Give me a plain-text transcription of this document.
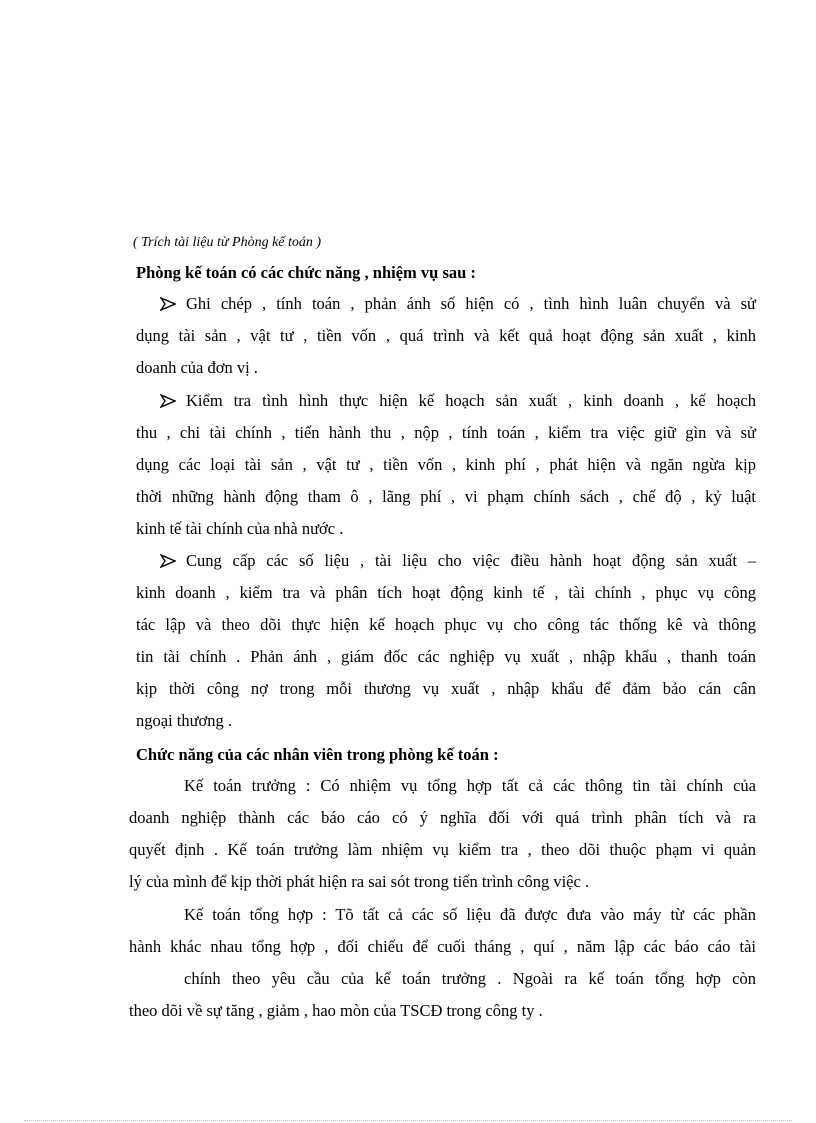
( Trích tài liệu từ Phòng kế toán )
Phòng kế toán có các chức năng , nhiệm vụ sau :
Ghi chép , tính toán , phản ánh số hiện có , tình hình luân chuyển và sử
dụng tài sản , vật tư , tiền vốn , quá trình và kết quả hoạt động sản xuất , kinh
doanh của đơn vị .
Kiểm tra tình hình thực hiện kế hoạch sản xuất , kinh doanh , kế hoạch
thu , chi tài chính , tiến hành thu , nộp , tính toán , kiểm tra việc giữ gìn và sử
dụng các loại tài sản , vật tư , tiền vốn , kinh phí , phát hiện và ngăn ngừa kịp
thời những hành động tham ô , lãng phí , vi phạm chính sách , chế độ , kỷ luật
kinh tế tài chính của nhà nước .
Cung cấp các số liệu , tài liệu cho việc điều hành hoạt động sản xuất –
kinh doanh , kiểm tra và phân tích hoạt động kinh tế , tài chính , phục vụ công
tác lập và theo dõi thực hiện kế hoạch phục vụ cho công tác thống kê và thông
tin tài chính . Phản ánh , giám đốc các nghiệp vụ xuất , nhập khẩu , thanh toán
kịp thời công nợ trong mỗi thương vụ xuất , nhập khẩu để đảm bảo cán cân
ngoại thương .
Chức năng của các nhân viên trong phòng kế toán :
Kế toán trưởng : Có nhiệm vụ tổng hợp tất cả các thông tin tài chính của
doanh nghiệp thành các báo cáo có ý nghĩa đối với quá trình phân tích và ra
quyết định . Kế toán trưởng làm nhiệm vụ kiểm tra , theo dõi thuộc phạm vi quản
lý của mình để kịp thời phát hiện ra sai sót trong tiến trình công việc .
Kế toán tổng hợp : Tõ tất cả các số liệu đã được đưa vào máy từ các phần
hành khác nhau tổng hợp , đối chiếu để cuối tháng , quí , năm lập các báo cáo tài
chính theo yêu cầu của kế toán trưởng . Ngoài ra kế toán tổng hợp còn
theo dõi về sự tăng , giảm , hao mòn của TSCĐ trong công ty .
